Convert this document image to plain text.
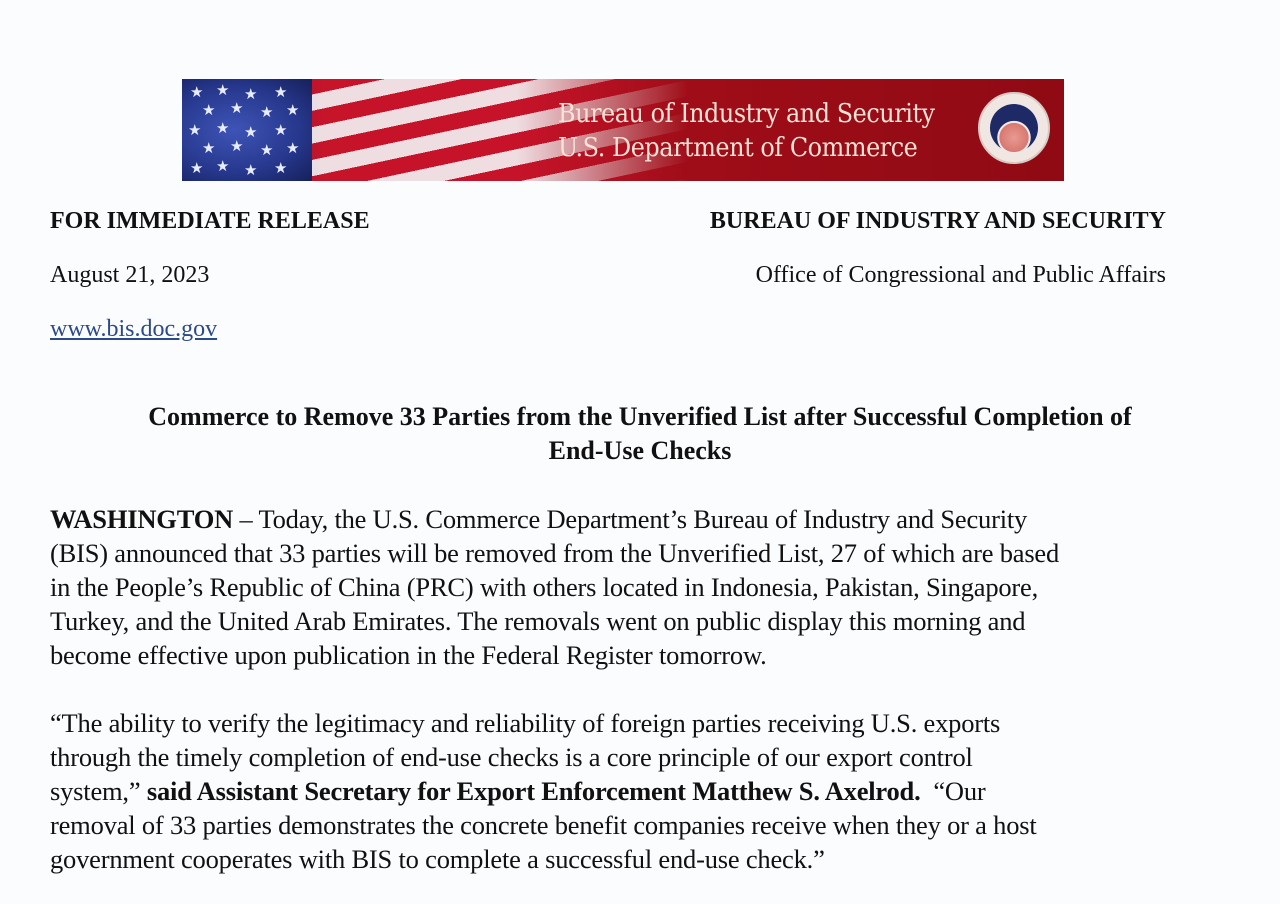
★ ★ ★ ★
★ ★ ★ ★
★ ★ ★ ★
★ ★ ★ ★
★ ★ ★ ★
Bureau of Industry and Security
U.S. Department of Commerce
FOR IMMEDIATE RELEASE
August 21, 2023
www.bis.doc.gov
BUREAU OF INDUSTRY AND SECURITY
Office of Congressional and Public Affairs
Commerce to Remove 33 Parties from the Unverified List after Successful Completion of
End-Use Checks
WASHINGTON – Today, the U.S. Commerce Department’s Bureau of Industry and Security
(BIS) announced that 33 parties will be removed from the Unverified List, 27 of which are based
in the People’s Republic of China (PRC) with others located in Indonesia, Pakistan, Singapore,
Turkey, and the United Arab Emirates. The removals went on public display this morning and
become effective upon publication in the Federal Register tomorrow.
“The ability to verify the legitimacy and reliability of foreign parties receiving U.S. exports
through the timely completion of end-use checks is a core principle of our export control
system,” said Assistant Secretary for Export Enforcement Matthew S. Axelrod.  “Our
removal of 33 parties demonstrates the concrete benefit companies receive when they or a host
government cooperates with BIS to complete a successful end-use check.”
